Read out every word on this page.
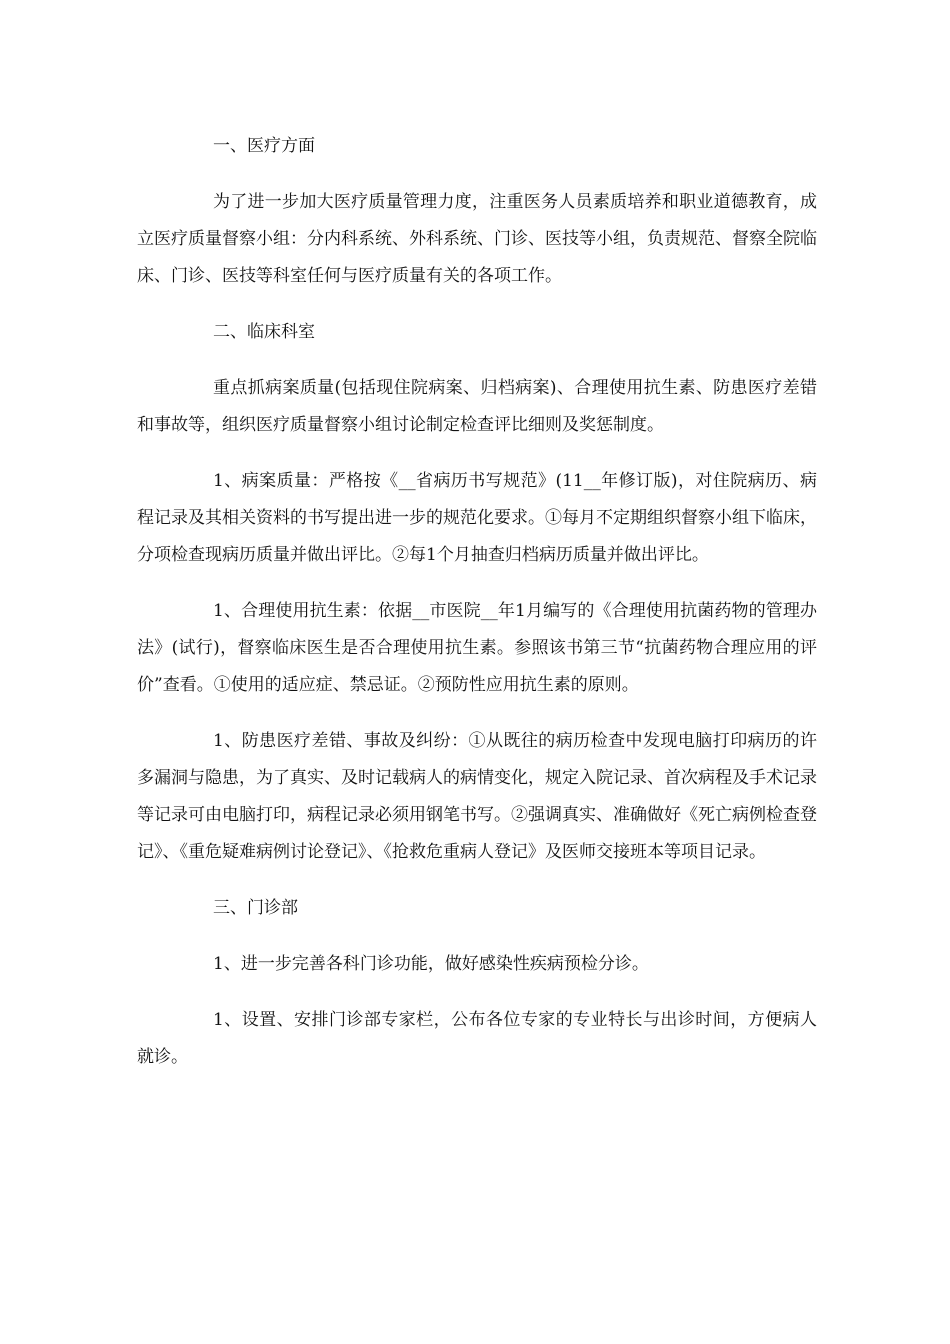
一、医疗方面

为了进一步加大医疗质量管理力度，注重医务人员素质培养和职业道德教育，成立医疗质量督察小组：分内科系统、外科系统、门诊、医技等小组，负责规范、督察全院临床、门诊、医技等科室任何与医疗质量有关的各项工作。

二、临床科室

重点抓病案质量(包括现住院病案、归档病案)、合理使用抗生素、防患医疗差错和事故等，组织医疗质量督察小组讨论制定检查评比细则及奖惩制度。

1、病案质量：严格按《__省病历书写规范》(11__年修订版)，对住院病历、病程记录及其相关资料的书写提出进一步的规范化要求。①每月不定期组织督察小组下临床，分项检查现病历质量并做出评比。②每1个月抽查归档病历质量并做出评比。

1、合理使用抗生素：依据__市医院__年1月编写的《合理使用抗菌药物的管理办法》(试行)，督察临床医生是否合理使用抗生素。参照该书第三节“抗菌药物合理应用的评价”查看。①使用的适应症、禁忌证。②预防性应用抗生素的原则。

1、防患医疗差错、事故及纠纷：①从既往的病历检查中发现电脑打印病历的许多漏洞与隐患，为了真实、及时记载病人的病情变化，规定入院记录、首次病程及手术记录等记录可由电脑打印，病程记录必须用钢笔书写。②强调真实、准确做好《死亡病例检查登记》、《重危疑难病例讨论登记》、《抢救危重病人登记》及医师交接班本等项目记录。

三、门诊部

1、进一步完善各科门诊功能，做好感染性疾病预检分诊。

1、设置、安排门诊部专家栏，公布各位专家的专业特长与出诊时间，方便病人就诊。
